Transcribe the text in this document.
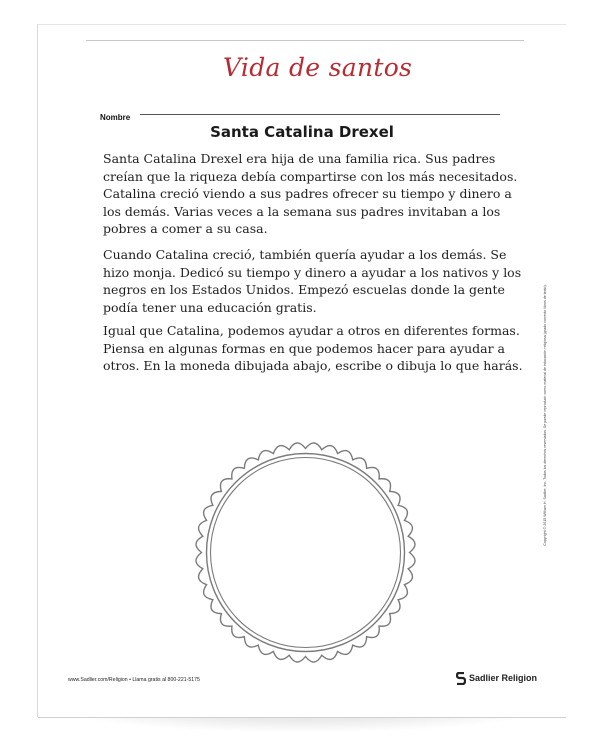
Vida de santos
Nombre
Santa Catalina Drexel

Santa Catalina Drexel era hija de una familia rica. Sus padres creían que la riqueza debía compartirse con los más necesitados. Catalina creció viendo a sus padres ofrecer su tiempo y dinero a los demás. Varias veces a la semana sus padres invitaban a los pobres a comer a su casa.

Cuando Catalina creció, también quería ayudar a los demás. Se hizo monja. Dedicó su tiempo y dinero a ayudar a los nativos y los negros en los Estados Unidos. Empezó escuelas donde la gente podía tener una educación gratis.

Igual que Catalina, podemos ayudar a otros en diferentes formas. Piensa en algunas formas en que podemos hacer para ayudar a otros. En la moneda dibujada abajo, escribe o dibuja lo que harás.	Copyright © 2015 William H. Sadlier, Inc. Todos los derechos reservados. Se puede reproducir como material de educación religiosa (grado correcto libros de texto).
www.Sadlier.com/Religion • Llama gratis al 800-221-5175	Sadlier Religion
